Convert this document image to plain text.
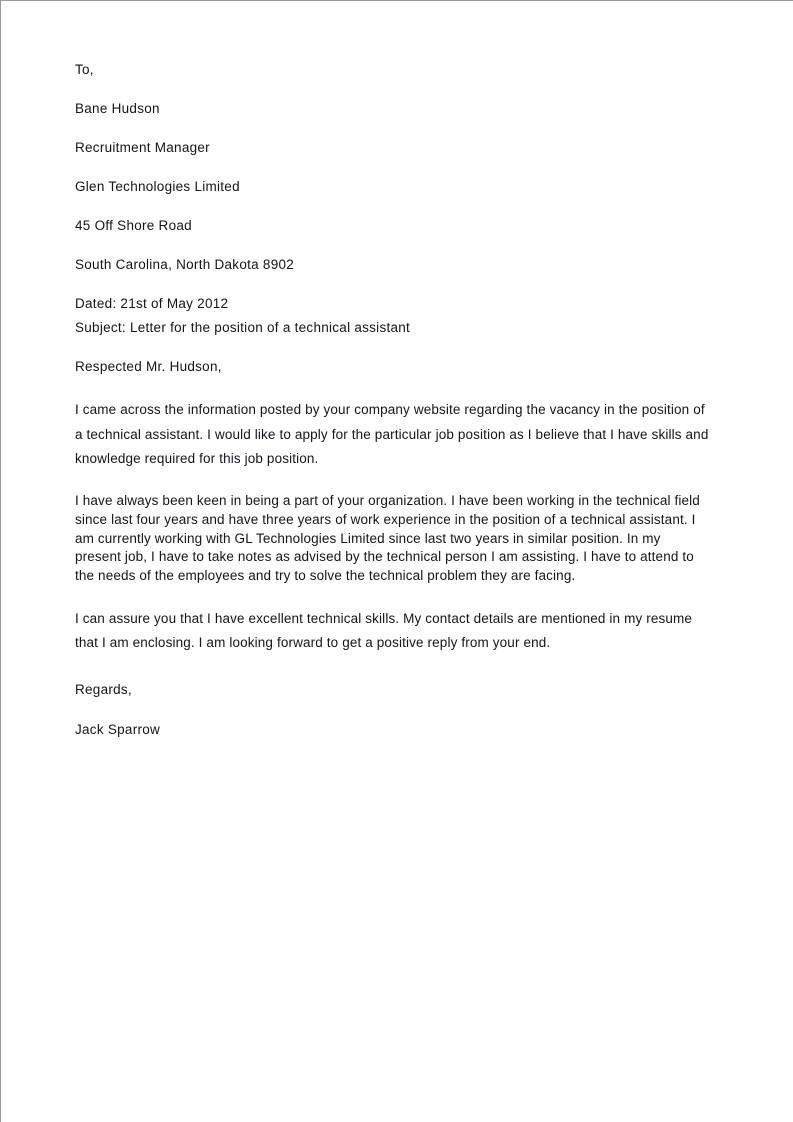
To,

Bane Hudson

Recruitment Manager

Glen Technologies Limited

45 Off Shore Road

South Carolina, North Dakota 8902

Dated: 21st of May 2012

Subject: Letter for the position of a technical assistant

Respected Mr. Hudson,

I came across the information posted by your company website regarding the vacancy in the position of a technical assistant. I would like to apply for the particular job position as I believe that I have skills and knowledge required for this job position.

I have always been keen in being a part of your organization. I have been working in the technical field since last four years and have three years of work experience in the position of a technical assistant. I am currently working with GL Technologies Limited since last two years in similar position. In my present job, I have to take notes as advised by the technical person I am assisting. I have to attend to the needs of the employees and try to solve the technical problem they are facing.

I can assure you that I have excellent technical skills. My contact details are mentioned in my resume that I am enclosing. I am looking forward to get a positive reply from your end.

Regards,

Jack Sparrow
